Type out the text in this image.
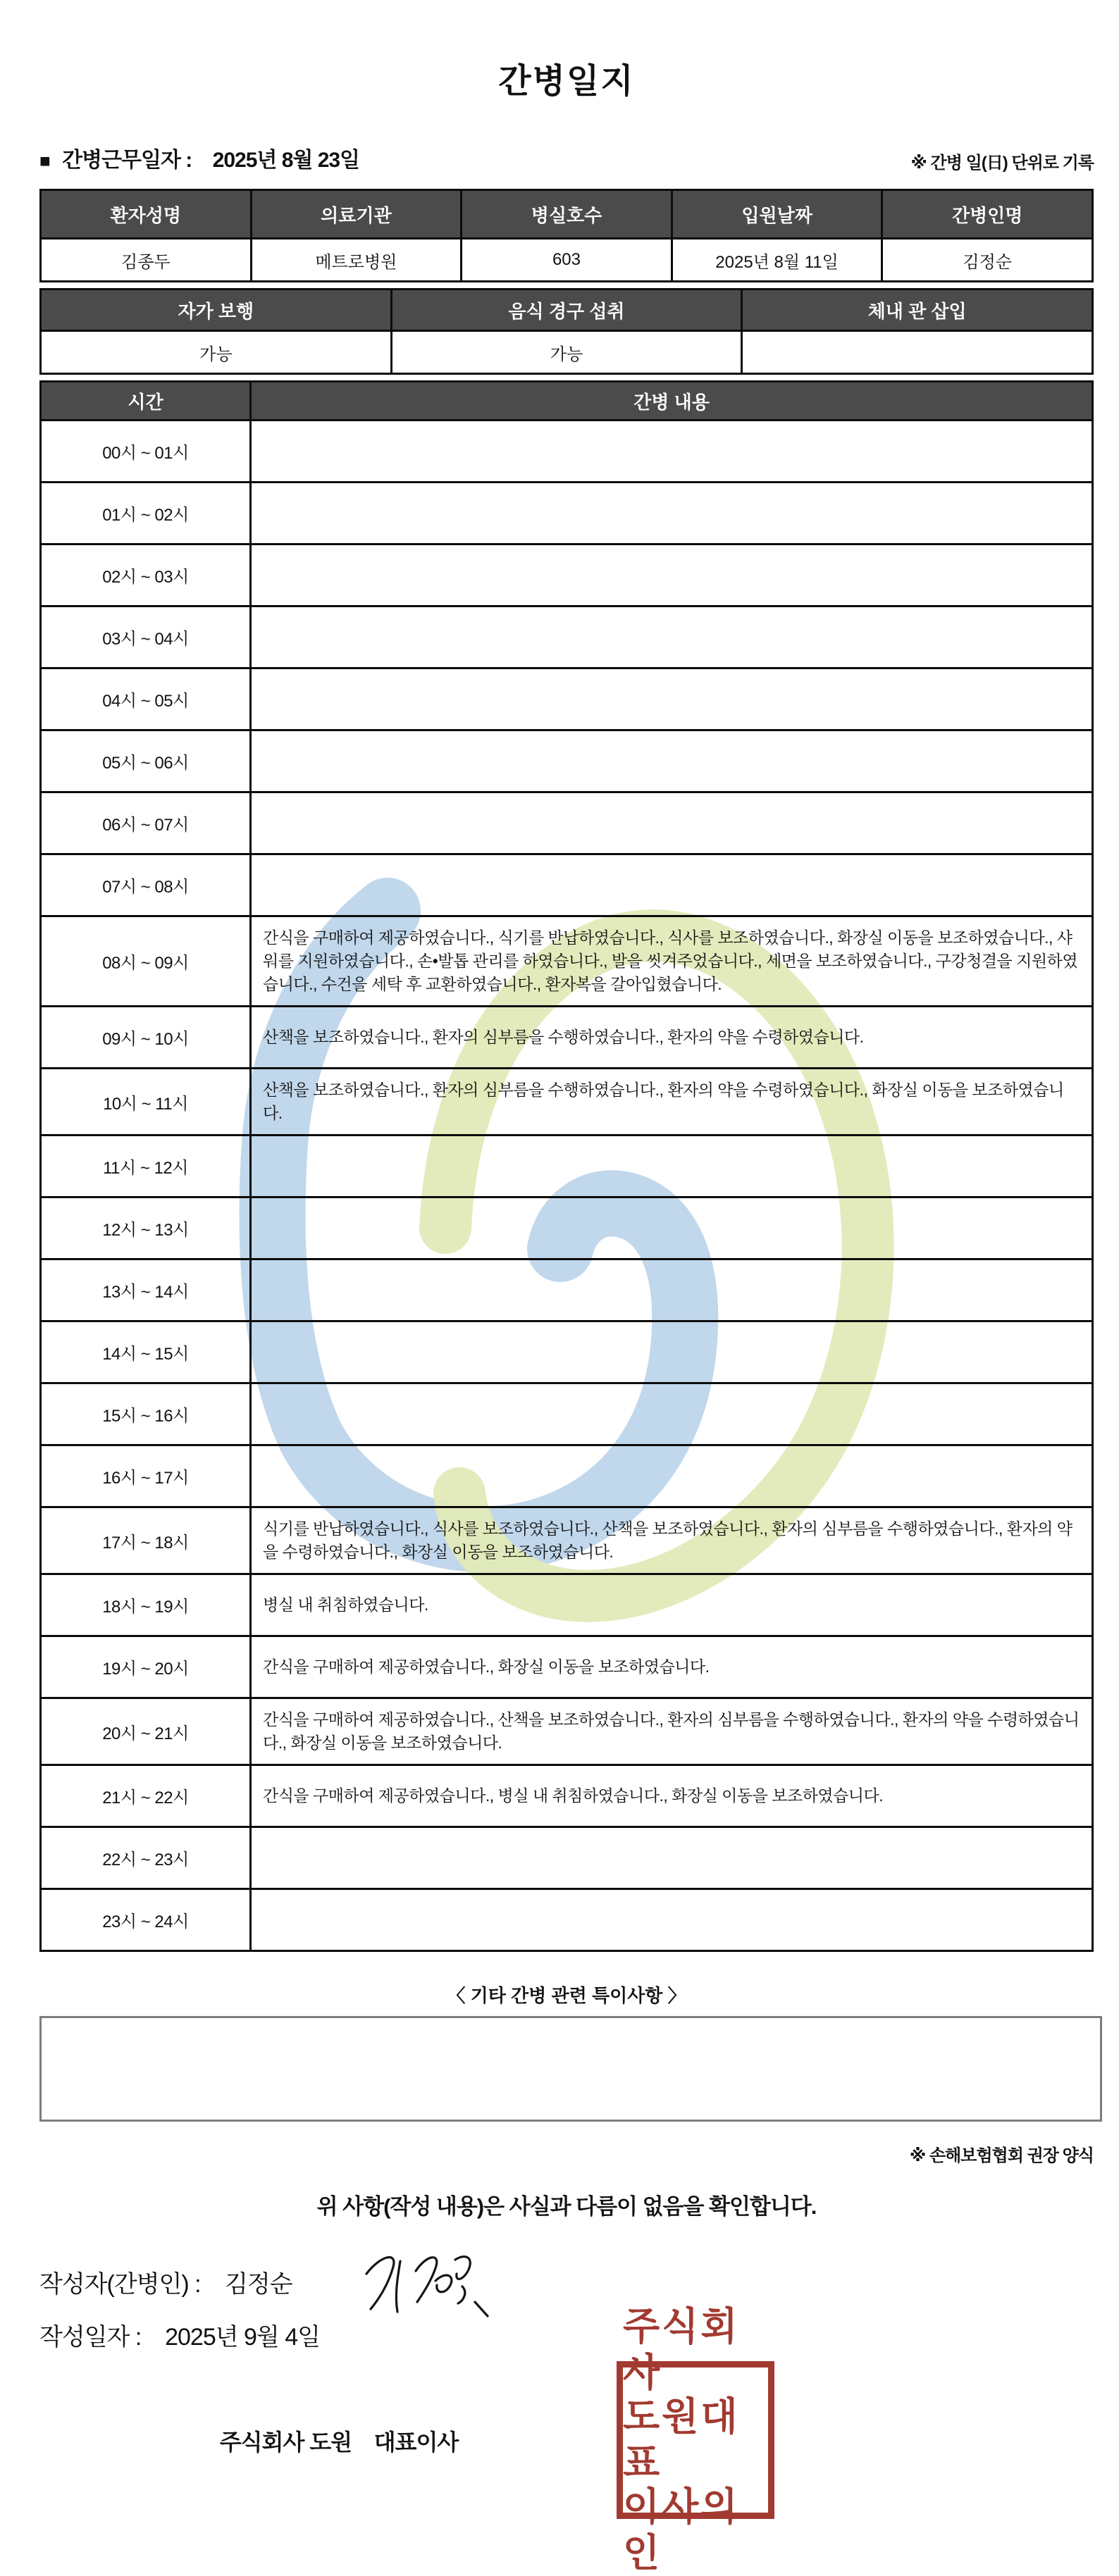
간병일지
■ 간병근무일자 : 2025년 8월 23일	※ 간병 일(日) 단위로 기록
환자성명	의료기관	병실호수	입원날짜	간병인명
김종두	메트로병원	603	2025년 8월 11일	김정순
자가 보행	음식 경구 섭취	체내 관 삽입
가능	가능	
시간	간병 내용
00시 ~ 01시	
01시 ~ 02시	
02시 ~ 03시	
03시 ~ 04시	
04시 ~ 05시	
05시 ~ 06시	
06시 ~ 07시	
07시 ~ 08시	
08시 ~ 09시	간식을 구매하여 제공하였습니다., 식기를 반납하였습니다., 식사를 보조하였습니다., 화장실 이동을 보조하였습니다., 샤워를 지원하였습니다., 손•발톱 관리를 하였습니다., 발을 씻겨주었습니다., 세면을 보조하였습니다., 구강청결을 지원하였습니다., 수건을 세탁 후 교환하였습니다., 환자복을 갈아입혔습니다.
09시 ~ 10시	산책을 보조하였습니다., 환자의 심부름을 수행하였습니다., 환자의 약을 수령하였습니다.
10시 ~ 11시	산책을 보조하였습니다., 환자의 심부름을 수행하였습니다., 환자의 약을 수령하였습니다., 화장실 이동을 보조하였습니다.
11시 ~ 12시	
12시 ~ 13시	
13시 ~ 14시	
14시 ~ 15시	
15시 ~ 16시	
16시 ~ 17시	
17시 ~ 18시	식기를 반납하였습니다., 식사를 보조하였습니다., 산책을 보조하였습니다., 환자의 심부름을 수행하였습니다., 환자의 약을 수령하였습니다., 화장실 이동을 보조하였습니다.
18시 ~ 19시	병실 내 취침하였습니다.
19시 ~ 20시	간식을 구매하여 제공하였습니다., 화장실 이동을 보조하였습니다.
20시 ~ 21시	간식을 구매하여 제공하였습니다., 산책을 보조하였습니다., 환자의 심부름을 수행하였습니다., 환자의 약을 수령하였습니다., 화장실 이동을 보조하였습니다.
21시 ~ 22시	간식을 구매하여 제공하였습니다., 병실 내 취침하였습니다., 화장실 이동을 보조하였습니다.
22시 ~ 23시	
23시 ~ 24시	
〈 기타 간병 관련 특이사항 〉
※ 손해보험협회 권장 양식
위 사항(작성 내용)은 사실과 다름이 없음을 확인합니다.
작성자(간병인) : 김정순
작성일자 : 2025년 9월 4일
주식회사 도원    대표이사
주식회사
도원대표
이사의인
